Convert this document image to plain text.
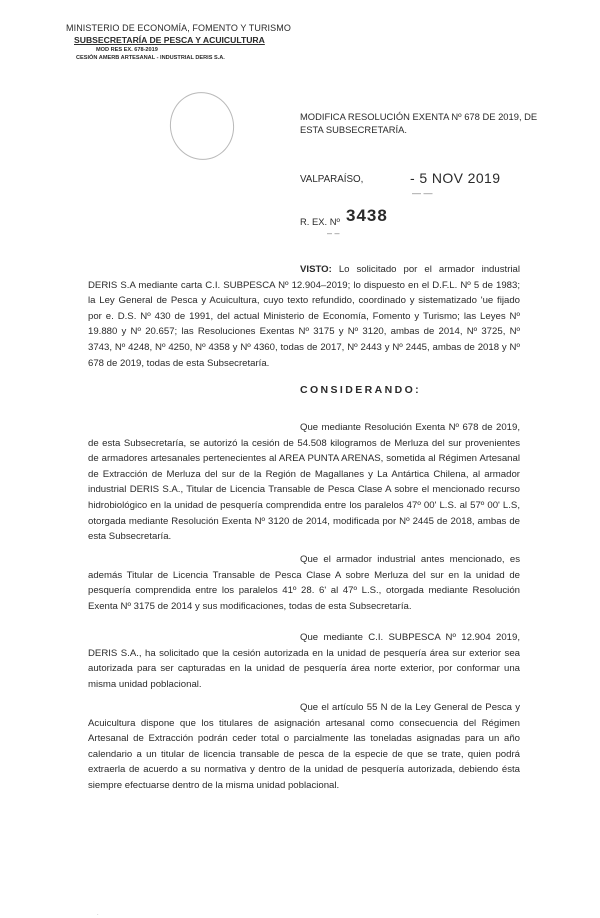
MINISTERIO DE ECONOMÍA, FOMENTO Y TURISMO
SUBSECRETARÍA DE PESCA Y ACUICULTURA
MOD RES EX. 678-2019
CESIÓN AMERB ARTESANAL - INDUSTRIAL DERIS S.A.

MODIFICA RESOLUCIÓN EXENTA Nº 678 DE 2019, DE ESTA SUBSECRETARÍA.
VALPARAÍSO,	- 5 NOV 2019
— —
R. EX. Nº 3438
– –
VISTO: Lo solicitado por el armador industrial DERIS S.A mediante carta C.I. SUBPESCA Nº 12.904–2019; lo dispuesto en el D.F.L. Nº 5 de 1983; la Ley General de Pesca y Acuicultura, cuyo texto refundido, coordinado y sistematizado 'ue fijado por e. D.S. Nº 430 de 1991, del actual Ministerio de Economía, Fomento y Turismo; las Leyes Nº 19.880 y Nº 20.657; las Resoluciones Exentas Nº 3175 y Nº 3120, ambas de 2014, Nº 3725, Nº 3743, Nº 4248, Nº 4250, Nº 4358 y Nº 4360, todas de 2017, Nº 2443 y Nº 2445, ambas de 2018 y Nº 678 de 2019, todas de esta Subsecretaría.
CONSIDERANDO:
Que mediante Resolución Exenta Nº 678 de 2019, de esta Subsecretaría, se autorizó la cesión de 54.508 kilogramos de Merluza del sur provenientes de armadores artesanales pertenecientes al AREA PUNTA ARENAS, sometida al Régimen Artesanal de Extracción de Merluza del sur de la Región de Magallanes y La Antártica Chilena, al armador industrial DERIS S.A., Titular de Licencia Transable de Pesca Clase A sobre el mencionado recurso hidrobiológico en la unidad de pesquería comprendida entre los paralelos 47º 00' L.S. al 57º 00' L.S, otorgada mediante Resolución Exenta Nº 3120 de 2014, modificada por Nº 2445 de 2018, ambas de esta Subsecretaría.
Que el armador industrial antes mencionado, es además Titular de Licencia Transable de Pesca Clase A sobre Merluza del sur en la unidad de pesquería comprendida entre los paralelos 41º 28. 6' al 47º L.S., otorgada mediante Resolución Exenta Nº 3175 de 2014 y sus modificaciones, todas de esta Subsecretaría.
Que mediante C.I. SUBPESCA Nº 12.904 2019, DERIS S.A., ha solicitado que la cesión autorizada en la unidad de pesquería área sur exterior sea autorizada para ser capturadas en la unidad de pesquería área norte exterior, por conformar una misma unidad poblacional.
Que el artículo 55 N de la Ley General de Pesca y Acuicultura dispone que los titulares de asignación artesanal como consecuencia del Régimen Artesanal de Extracción podrán ceder total o parcialmente las toneladas asignadas para un año calendario a un titular de licencia transable de pesca de la especie de que se trate, quien podrá extraerla de acuerdo a su normativa y dentro de la unidad de pesquería autorizada, debiendo ésta siempre efectuarse dentro de la misma unidad poblacional.
·
